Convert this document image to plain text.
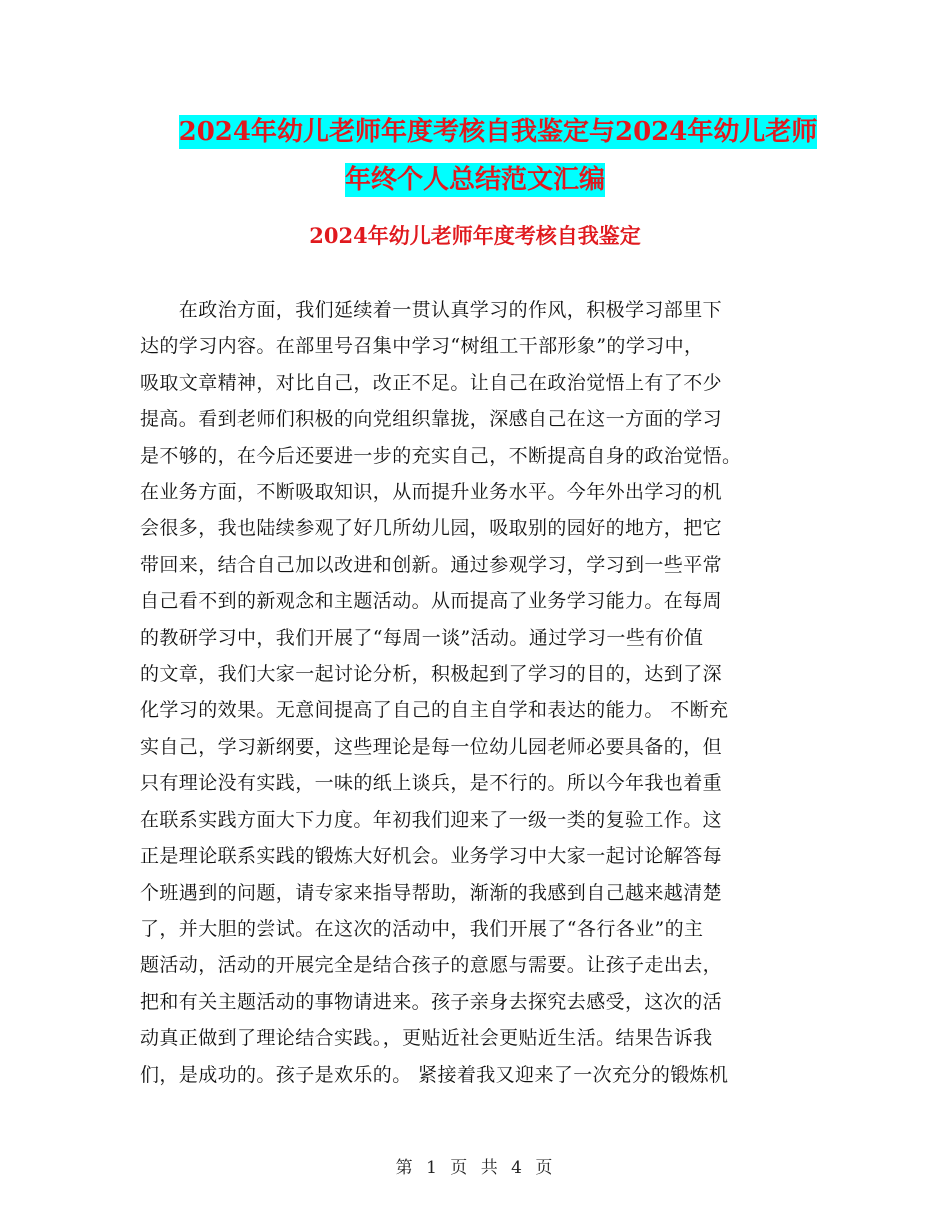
2024年幼儿老师年度考核自我鉴定与2024年幼儿老师
年终个人总结范文汇编
2024年幼儿老师年度考核自我鉴定
　　在政治方面，我们延续着一贯认真学习的作风，积极学习部里下
达的学习内容。在部里号召集中学习“树组工干部形象”的学习中，
吸取文章精神，对比自己，改正不足。让自己在政治觉悟上有了不少
提高。看到老师们积极的向党组织靠拢，深感自己在这一方面的学习
是不够的，在今后还要进一步的充实自己，不断提高自身的政治觉悟。
在业务方面，不断吸取知识，从而提升业务水平。今年外出学习的机
会很多，我也陆续参观了好几所幼儿园，吸取别的园好的地方，把它
带回来，结合自己加以改进和创新。通过参观学习，学习到一些平常
自己看不到的新观念和主题活动。从而提高了业务学习能力。在每周
的教研学习中，我们开展了“每周一谈”活动。通过学习一些有价值
的文章，我们大家一起讨论分析，积极起到了学习的目的，达到了深
化学习的效果。无意间提高了自己的自主自学和表达的能力。 不断充
实自己，学习新纲要，这些理论是每一位幼儿园老师必要具备的，但
只有理论没有实践，一味的纸上谈兵，是不行的。所以今年我也着重
在联系实践方面大下力度。年初我们迎来了一级一类的复验工作。这
正是理论联系实践的锻炼大好机会。业务学习中大家一起讨论解答每
个班遇到的问题，请专家来指导帮助，渐渐的我感到自己越来越清楚
了，并大胆的尝试。在这次的活动中，我们开展了“各行各业”的主
题活动，活动的开展完全是结合孩子的意愿与需要。让孩子走出去，
把和有关主题活动的事物请进来。孩子亲身去探究去感受，这次的活
动真正做到了理论结合实践。，更贴近社会更贴近生活。结果告诉我
们，是成功的。孩子是欢乐的。 紧接着我又迎来了一次充分的锻炼机
第 1 页 共 4 页
